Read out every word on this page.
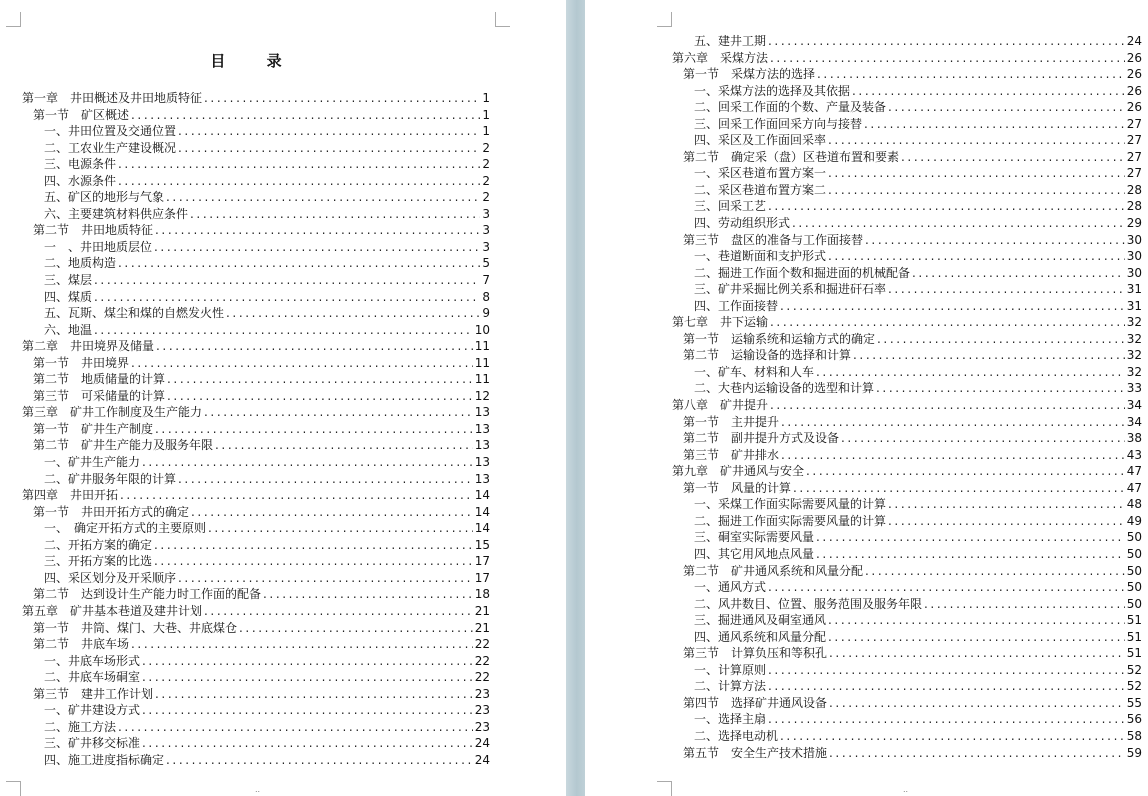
目 录
第一章　井田概述及井田地质特征 .....	1
第一节　矿区概述 .....	1
一、井田位置及交通位置 .....	1
二、工农业生产建设概况 .....	2
三、电源条件 .....	2
四、水源条件 .....	2
五、矿区的地形与气象 .....	2
六、主要建筑材料供应条件 .....	3
第二节　井田地质特征 .....	3
一　、井田地质层位 .....	3
二、地质构造 .....	5
三、煤层 .....	7
四、煤质 .....	8
五、瓦斯、煤尘和煤的自燃发火性 .....	9
六、地温 .....	10
第二章　井田境界及储量 .....	11
第一节　井田境界 .....	11
第二节　地质储量的计算 .....	11
第三节　可采储量的计算 .....	12
第三章　矿井工作制度及生产能力 .....	13
第一节　矿井生产制度 .....	13
第二节　矿井生产能力及服务年限 .....	13
一、矿井生产能力 .....	13
二、矿井服务年限的计算 .....	13
第四章　井田开拓 .....	14
第一节　井田开拓方式的确定 .....	14
一、　确定开拓方式的主要原则 .....	14
二、开拓方案的确定 .....	15
三、开拓方案的比选 .....	17
四、采区划分及开采顺序 .....	17
第二节　达到设计生产能力时工作面的配备 .....	18
第五章　矿井基本巷道及建井计划 .....	21
第一节　井筒、煤门、大巷、井底煤仓 .....	21
第二节　井底车场 .....	22
一、井底车场形式 .....	22
二、井底车场硐室 .....	22
第三节　建井工作计划 .....	23
一、矿井建设方式 .....	23
二、施工方法 .....	23
三、矿井移交标准 .....	24
四、施工进度指标确定 .....	24
..
五、建井工期 .....	24
第六章　采煤方法 .....	26
第一节　采煤方法的选择 .....	26
一、采煤方法的选择及其依据 .....	26
二、回采工作面的个数、产量及装备 .....	26
三、回采工作面回采方向与接替 .....	27
四、采区及工作面回采率 .....	27
第二节　确定采（盘）区巷道布置和要素 .....	27
一、采区巷道布置方案一 .....	27
二、采区巷道布置方案二 .....	28
三、回采工艺 .....	28
四、劳动组织形式 .....	29
第三节　盘区的准备与工作面接替 .....	30
一、巷道断面和支护形式 .....	30
二、掘进工作面个数和掘进面的机械配备 .....	30
三、矿井采掘比例关系和掘进矸石率 .....	31
四、工作面接替 .....	31
第七章　井下运输 .....	32
第一节　运输系统和运输方式的确定 .....	32
第二节　运输设备的选择和计算 .....	32
一、矿车、材料和人车 .....	32
二、大巷内运输设备的选型和计算 .....	33
第八章　矿井提升 .....	34
第一节　主井提升 .....	34
第二节　副井提升方式及设备 .....	38
第三节　矿井排水 .....	43
第九章　矿井通风与安全 .....	47
第一节　风量的计算 .....	47
一、采煤工作面实际需要风量的计算 .....	48
二、掘进工作面实际需要风量的计算 .....	49
三、硐室实际需要风量 .....	50
四、其它用风地点风量 .....	50
第二节　矿井通风系统和风量分配 .....	50
一、通风方式 .....	50
二、风井数目、位置、服务范围及服务年限 .....	50
三、掘进通风及硐室通风 .....	51
四、通风系统和风量分配 .....	51
第三节　计算负压和等积孔 .....	51
一、计算原则 .....	52
二、计算方法 .....	52
第四节　选择矿井通风设备 .....	55
一、选择主扇 .....	56
二、选择电动机 .....	58
第五节　安全生产技术措施 .....	59
..
